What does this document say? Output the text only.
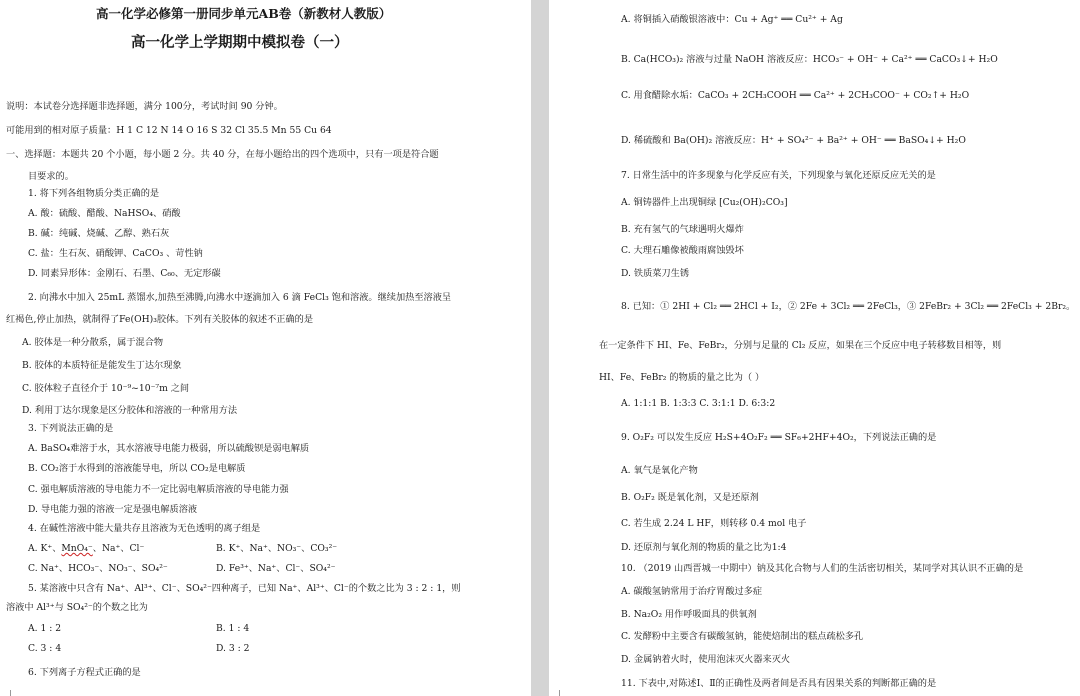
高一化学必修第一册同步单元AB卷（新教材人教版）
高一化学上学期期中模拟卷（一）
说明：本试卷分选择题非选择题，满分 100分，考试时间 90 分钟。
可能用到的相对原子质量：H 1 C 12 N 14 O 16 S 32 Cl 35.5 Mn 55 Cu 64
一、选择题：本题共 20 个小题，每小题 2 分。共 40 分，在每小题给出的四个选项中，只有一项是符合题
目要求的。
1. 将下列各组物质分类正确的是
A. 酸：硫酸、醋酸、NaHSO₄、硝酸
B. 碱：纯碱、烧碱、乙醇、熟石灰
C. 盐：生石灰、硝酸钾、CaCO₃ 、苛性钠
D. 同素异形体：金刚石、石墨、C₆₀、无定形碳
2. 向沸水中加入 25mL 蒸馏水,加热至沸腾,向沸水中逐滴加入 6 滴 FeCl₃ 饱和溶液。继续加热至溶液呈
红褐色,停止加热，就制得了Fe(OH)₃胶体。下列有关胶体的叙述不正确的是
A. 胶体是一种分散系，属于混合物
B. 胶体的本质特征是能发生丁达尔现象
C. 胶体粒子直径介于 10⁻⁹~10⁻⁷m 之间
D. 利用丁达尔现象是区分胶体和溶液的一种常用方法
3. 下列说法正确的是
A. BaSO₄难溶于水，其水溶液导电能力极弱，所以硫酸钡是弱电解质
B. CO₂溶于水得到的溶液能导电，所以 CO₂是电解质
C. 强电解质溶液的导电能力不一定比弱电解质溶液的导电能力强
D. 导电能力强的溶液一定是强电解质溶液
4. 在碱性溶液中能大量共存且溶液为无色透明的离子组是
A. K⁺、MnO₄⁻、Na⁺、Cl⁻	B. K⁺、Na⁺、NO₃⁻、CO₃²⁻
C. Na⁺、HCO₃⁻、NO₃⁻、SO₄²⁻	D. Fe³⁺、Na⁺、Cl⁻、SO₄²⁻
5. 某溶液中只含有 Na⁺、Al³⁺、Cl⁻、SO₄²⁻四种离子，已知 Na⁺、Al³⁺、Cl⁻的个数之比为 3 : 2 : 1，则
溶液中 Al³⁺与 SO₄²⁻的个数之比为
A. 1 : 2	B. 1 : 4
C. 3 : 4	D. 3 : 2
6. 下列离子方程式正确的是
A. 将铜插入硝酸银溶液中：Cu + Ag⁺ ══ Cu²⁺ + Ag
B. Ca(HCO₃)₂ 溶液与过量 NaOH 溶液反应：HCO₃⁻ + OH⁻ + Ca²⁺ ══ CaCO₃↓+ H₂O
C. 用食醋除水垢：CaCO₃ + 2CH₃COOH ══ Ca²⁺ + 2CH₃COO⁻ + CO₂↑+ H₂O
D. 稀硫酸和 Ba(OH)₂ 溶液反应：H⁺ + SO₄²⁻ + Ba²⁺ + OH⁻ ══ BaSO₄↓+ H₂O
7. 日常生活中的许多现象与化学反应有关，下列现象与氧化还原反应无关的是
A. 铜铸器件上出现铜绿 [Cu₂(OH)₂CO₃]
B. 充有氢气的气球遇明火爆炸
C. 大理石雕像被酸雨腐蚀毁坏
D. 铁质菜刀生锈
8. 已知：① 2HI + Cl₂ ══ 2HCl + I₂，② 2Fe + 3Cl₂ ══ 2FeCl₃，③ 2FeBr₂ + 3Cl₂ ══ 2FeCl₃ + 2Br₂。
在一定条件下 HI、Fe、FeBr₂，分别与足量的 Cl₂ 反应，如果在三个反应中电子转移数目相等，则
HI、Fe、FeBr₂ 的物质的量之比为（ ）
A. 1:1:1 B. 1:3:3 C. 3:1:1 D. 6:3:2
9. O₂F₂ 可以发生反应 H₂S+4O₂F₂ ══ SF₆+2HF+4O₂，下列说法正确的是
A. 氧气是氧化产物
B. O₂F₂ 既是氧化剂，又是还原剂
C. 若生成 2.24 L HF，则转移 0.4 mol 电子
D. 还原剂与氧化剂的物质的量之比为1:4
10. （2019 山西晋城一中期中）钠及其化合物与人们的生活密切相关，某同学对其认识不正确的是
A. 碳酸氢钠常用于治疗胃酸过多症
B. Na₂O₂ 用作呼吸面具的供氧剂
C. 发酵粉中主要含有碳酸氢钠，能使焙制出的糕点疏松多孔
D. 金属钠着火时，使用泡沫灭火器来灭火
11. 下表中,对陈述Ⅰ、Ⅱ的正确性及两者间是否具有因果关系的判断都正确的是
